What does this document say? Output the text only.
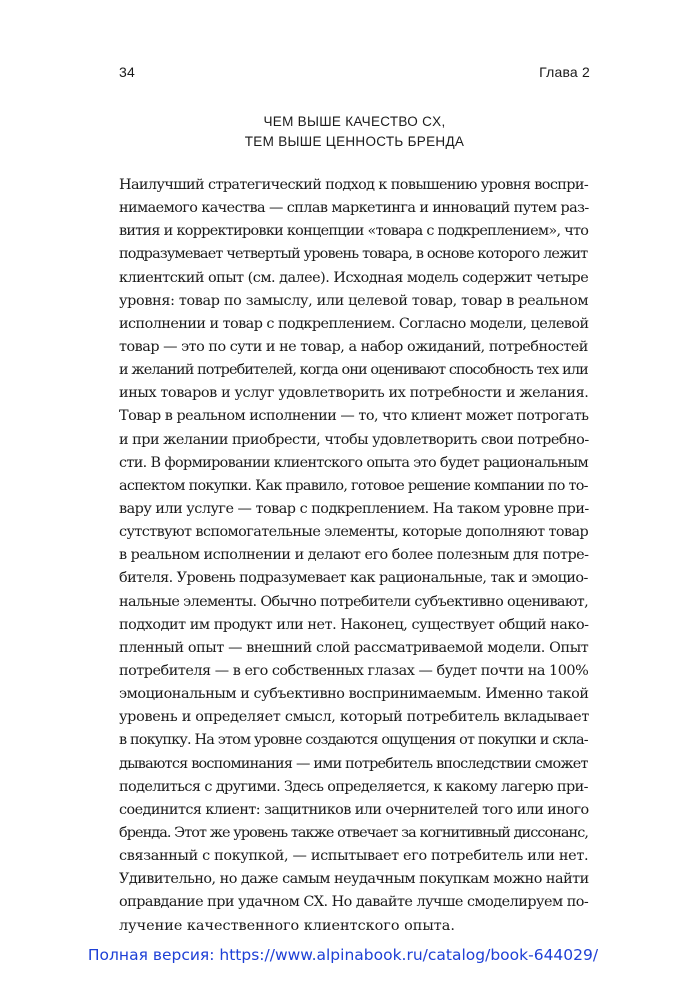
34	Глава 2
ЧЕМ ВЫШЕ КАЧЕСТВО CX,
ТЕМ ВЫШЕ ЦЕННОСТЬ БРЕНДА
Наилучший стратегический подход к повышению уровня воспри-
нимаемого качества — сплав маркетинга и инноваций путем раз-
вития и корректировки концепции «товара с подкреплением», что
подразумевает четвертый уровень товара, в основе которого лежит
клиентский опыт (см. далее). Исходная модель содержит четыре
уровня: товар по замыслу, или целевой товар, товар в реальном
исполнении и товар с подкреплением. Согласно модели, целевой
товар — это по сути и не товар, а набор ожиданий, потребностей
и желаний потребителей, когда они оценивают способность тех или
иных товаров и услуг удовлетворить их потребности и желания.
Товар в реальном исполнении — то, что клиент может потрогать
и при желании приобрести, чтобы удовлетворить свои потребно-
сти. В формировании клиентского опыта это будет рациональным
аспектом покупки. Как правило, готовое решение компании по то-
вару или услуге — товар с подкреплением. На таком уровне при-
сутствуют вспомогательные элементы, которые дополняют товар
в реальном исполнении и делают его более полезным для потре-
бителя. Уровень подразумевает как рациональные, так и эмоцио-
нальные элементы. Обычно потребители субъективно оценивают,
подходит им продукт или нет. Наконец, существует общий нако-
пленный опыт — внешний слой рассматриваемой модели. Опыт
потребителя — в его собственных глазах — будет почти на 100%
эмоциональным и субъективно воспринимаемым. Именно такой
уровень и определяет смысл, который потребитель вкладывает
в покупку. На этом уровне создаются ощущения от покупки и скла-
дываются воспоминания — ими потребитель впоследствии сможет
поделиться с другими. Здесь определяется, к какому лагерю при-
соединится клиент: защитников или очернителей того или иного
бренда. Этот же уровень также отвечает за когнитивный диссонанс,
связанный с покупкой, — испытывает его потребитель или нет.
Удивительно, но даже самым неудачным покупкам можно найти
оправдание при удачном CX. Но давайте лучше смоделируем по-
лучение качественного клиентского опыта.
Полная версия: https://www.alpinabook.ru/catalog/book-644029/
